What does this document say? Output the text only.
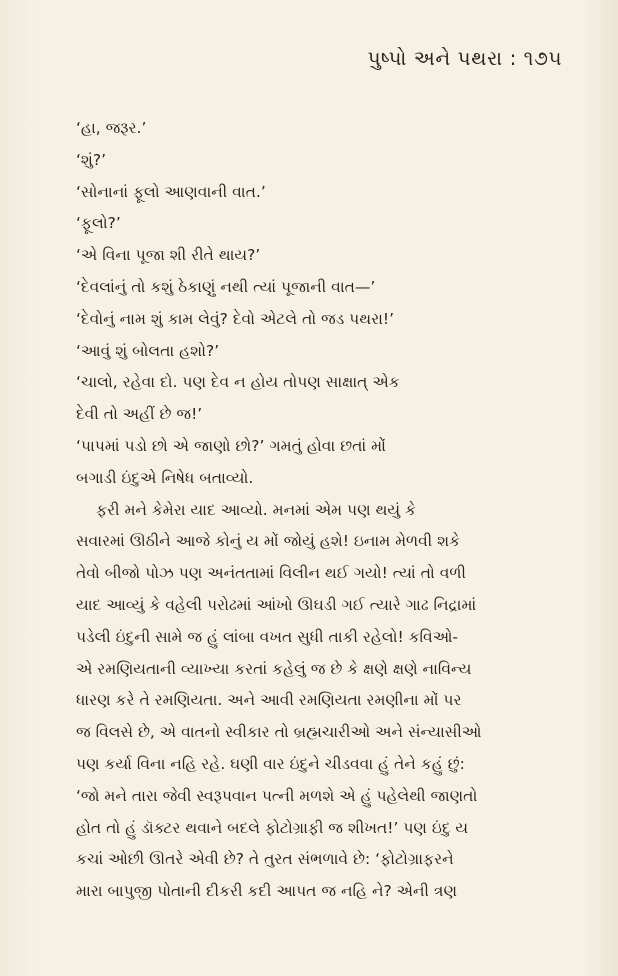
પુષ્પો અને પથરા : ૧૭૫

‘હા, જરૂર.’

‘શું?’

‘સોનાનાં ફૂલો આણવાની વાત.’

‘ફૂલો?’

‘એ વિના પૂજા શી રીતે થાય?’

‘દેવલાંનું તો કશું ઠેકાણું નથી ત્યાં પૂજાની વાત—’

‘દેવોનું નામ શું કામ લેવું? દેવો એટલે તો જડ પથરા!’

‘આવું શું બોલતા હશો?’

‘ચાલો, રહેવા દો. પણ દેવ ન હોય તોપણ સાક્ષાત્ એક

દેવી તો અહીં છે જ!’

‘પાપમાં પડો છો એ જાણો છો?’ ગમતું હોવા છતાં મોં

બગાડી ઇંદુએ નિષેધ બતાવ્યો.

ફરી મને કેમેરા યાદ આવ્યો. મનમાં એમ પણ થયું કે

સવારમાં ઊઠીને આજે કોનું ય મોં જોયું હશે! ઇનામ મેળવી શકે

તેવો બીજો પોઝ પણ અનંતતામાં વિલીન થઈ ગયો! ત્યાં તો વળી

યાદ આવ્યું કે વહેલી પરોઢમાં આંખો ઊઘડી ગઈ ત્યારે ગાઢ નિદ્રામાં

પડેલી ઇંદુની સામે જ હું લાંબા વખત સુધી તાકી રહેલો! કવિઓ-

એ રમણિયતાની વ્યાખ્યા કરતાં કહેલું જ છે કે ક્ષણે ક્ષણે નાવિન્ય

ધારણ કરે તે રમણિયતા. અને આવી રમણિયતા રમણીના મોં પર

જ વિલસે છે, એ વાતનો સ્વીકાર તો બ્રહ્મચારીઓ અને સંન્યાસીઓ

પણ કર્યા વિના નહિ રહે. ઘણી વાર ઇંદુને ચીડવવા હું તેને કહું છું:

‘જો મને તારા જેવી સ્વરૂપવાન પત્ની મળશે એ હું પહેલેથી જાણતો

હોત તો હું ડૉક્ટર થવાને બદલે ફોટોગ્રાફી જ શીખત!’ પણ ઇંદુ ય

કચાં ઓછી ઊતરે એવી છે? તે તુરત સંભળાવે છે: ‘ફોટોગ્રાફરને

મારા બાપુજી પોતાની દીકરી કદી આપત જ નહિ ને? એની ત્રણ
